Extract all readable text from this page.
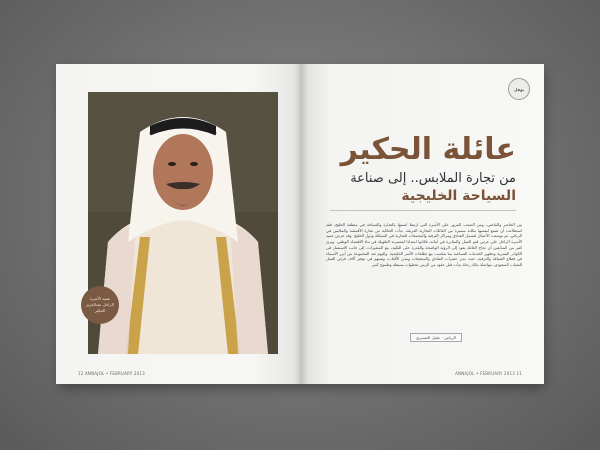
عميد الأسرة الراحل عبدالعزيز الحكير
12 ANNAJOL • FEBRUARY 2013
نوفل
عائلة الحكير
من تجارة الملابس.. إلى صناعة
السياحة الخليجية
بين الحاضر والماضي، ومن الصعب المرور على الأسرة التي ارتبط اسمها بالتجارة والسياحة في منطقة الخليج، فقد استطاعت أن تصنع لنفسها مكانة متميزة بين العائلات التجارية العريقة. بدأت الحكاية من تجارة الأقمشة والملابس في الرياض، ثم توسعت الأعمال لتشمل الفنادق ومراكز الترفيه والمجمعات التجارية في المملكة ودول الخليج. وقد حرص عميد الأسرة الراحل على غرس قيم العمل والمثابرة في أبنائه، فكانوا امتدادا لمسيرته الطويلة في بناء الاقتصاد الوطني. ويرى كثير من المتابعين أن نجاح العائلة يعود إلى الرؤية الواضحة والقدرة على التكيف مع المتغيرات، إلى جانب الاستثمار في الكوادر البشرية وتطوير الخدمات السياحية بما يتناسب مع تطلعات الأسر الخليجية. واليوم تعد المجموعة من أبرز الأسماء في قطاع الضيافة والترفيه، حيث تدير عشرات الفنادق والمنتجعات ومدن الألعاب، وتسهم في توفير آلاف فرص العمل للشباب السعودي، مواصلة بذلك رحلة بدأت قبل عقود من الزمن بخطوات بسيطة وطموح كبير.
الرياض - عقيل العسيري
ANNAJOL • FEBRUARY 2013 11
